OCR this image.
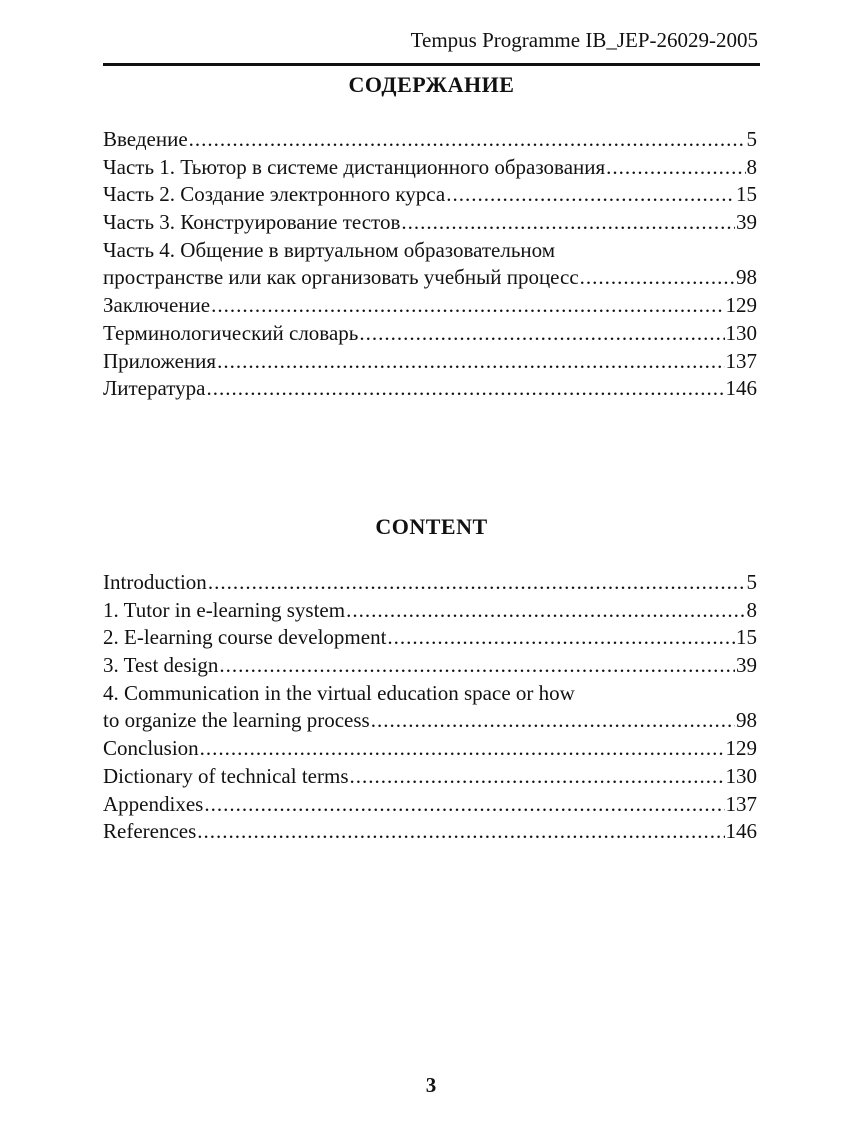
Tempus Programme IB_JEP-26029-2005
СОДЕРЖАНИЕ
Введение .....	5
Часть 1. Тьютор в системе дистанционного образования .....	8
Часть 2. Создание электронного курса .....	15
Часть 3. Конструирование тестов .....	39
Часть 4. Общение в виртуальном образовательном
пространстве или как организовать учебный процесс .....	98
Заключение .....	129
Терминологический словарь .....	130
Приложения .....	137
Литература .....	146
CONTENT
Introduction .....	5
1. Tutor in e-learning system .....	8
2. E-learning course development .....	15
3. Test design .....	39
4. Communication in the virtual education space or how
to organize the learning process .....	98
Conclusion .....	129
Dictionary of technical terms .....	130
Appendixes .....	137
References .....	146
3
